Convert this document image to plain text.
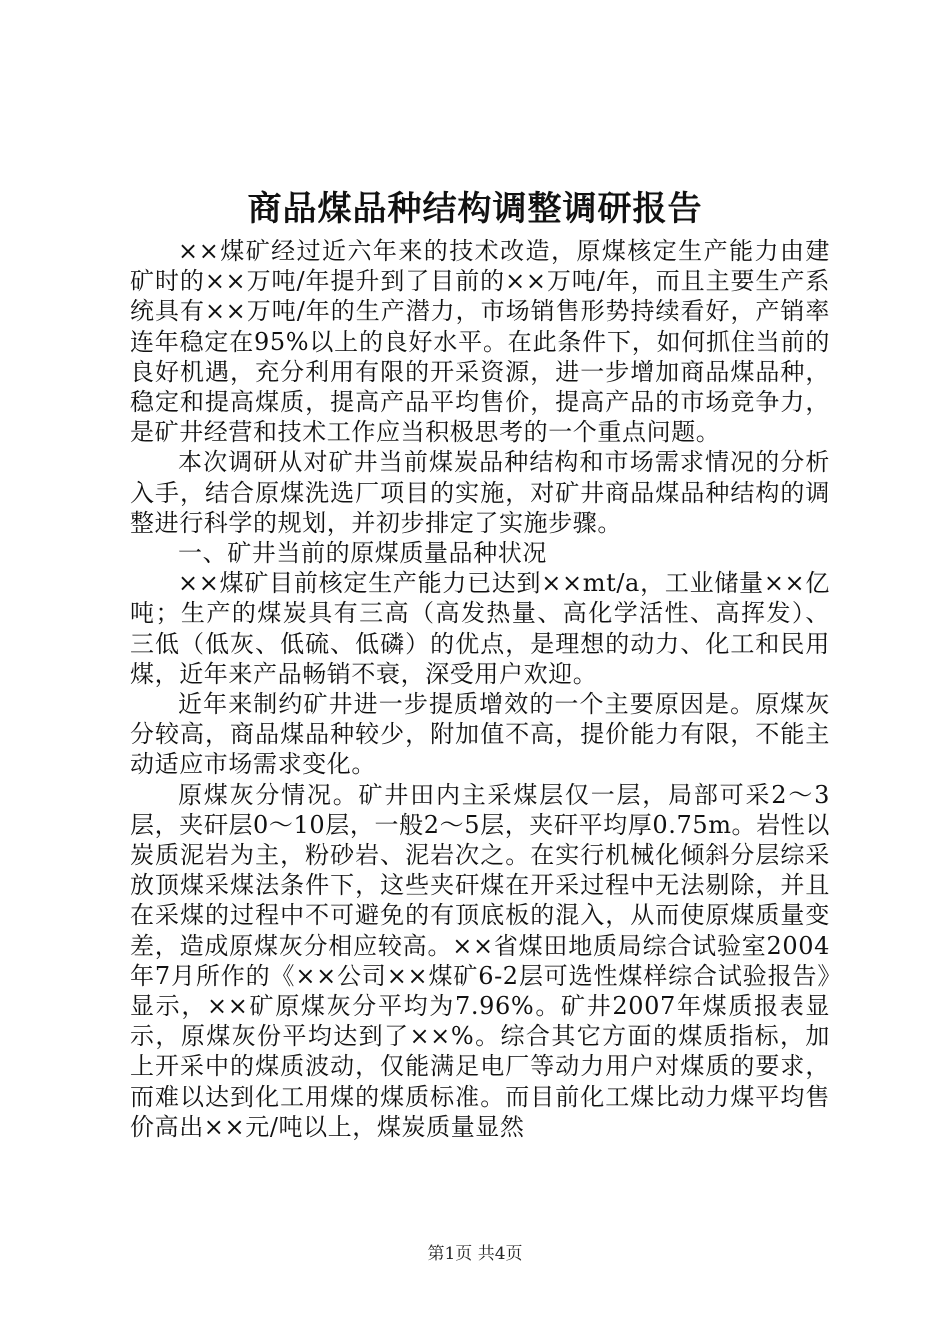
商品煤品种结构调整调研报告

××煤矿经过近六年来的技术改造，原煤核定生产能力由建矿时的××万吨/年提升到了目前的××万吨/年，而且主要生产系统具有××万吨/年的生产潜力，市场销售形势持续看好，产销率连年稳定在95%以上的良好水平。在此条件下，如何抓住当前的良好机遇，充分利用有限的开采资源，进一步增加商品煤品种，稳定和提高煤质，提高产品平均售价，提高产品的市场竞争力，是矿井经营和技术工作应当积极思考的一个重点问题。

本次调研从对矿井当前煤炭品种结构和市场需求情况的分析入手，结合原煤洗选厂项目的实施，对矿井商品煤品种结构的调整进行科学的规划，并初步排定了实施步骤。

一、矿井当前的原煤质量品种状况

××煤矿目前核定生产能力已达到××mt/a，工业储量××亿吨；生产的煤炭具有三高（高发热量、高化学活性、高挥发）、三低（低灰、低硫、低磷）的优点，是理想的动力、化工和民用煤，近年来产品畅销不衰，深受用户欢迎。

近年来制约矿井进一步提质增效的一个主要原因是。原煤灰分较高，商品煤品种较少，附加值不高，提价能力有限，不能主动适应市场需求变化。

原煤灰分情况。矿井田内主采煤层仅一层，局部可采2～3层，夹矸层0～10层，一般2～5层，夹矸平均厚0.75m。岩性以炭质泥岩为主，粉砂岩、泥岩次之。在实行机械化倾斜分层综采放顶煤采煤法条件下，这些夹矸煤在开采过程中无法剔除，并且在采煤的过程中不可避免的有顶底板的混入，从而使原煤质量变差，造成原煤灰分相应较高。××省煤田地质局综合试验室2004年7月所作的《××公司××煤矿6-2层可选性煤样综合试验报告》显示，××矿原煤灰分平均为7.96%。矿井2007年煤质报表显示，原煤灰份平均达到了××%。综合其它方面的煤质指标，加上开采中的煤质波动，仅能满足电厂等动力用户对煤质的要求，而难以达到化工用煤的煤质标准。而目前化工煤比动力煤平均售价高出××元/吨以上，煤炭质量显然

第1页 共4页
